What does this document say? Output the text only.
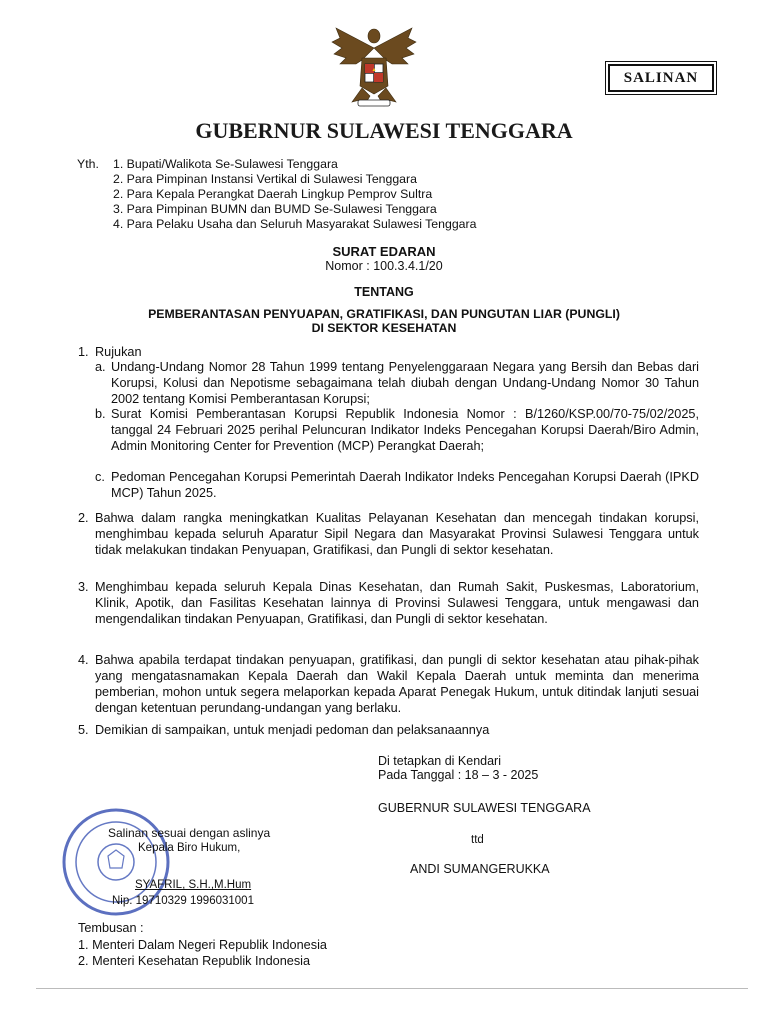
SALINAN
GUBERNUR SULAWESI TENGGARA
Yth. 1. Bupati/Walikota Se-Sulawesi Tenggara
2. Para Pimpinan Instansi Vertikal di Sulawesi Tenggara
2. Para Kepala Perangkat Daerah Lingkup Pemprov Sultra
3. Para Pimpinan BUMN dan BUMD Se-Sulawesi Tenggara
4. Para Pelaku Usaha dan Seluruh Masyarakat Sulawesi Tenggara
SURAT EDARAN
Nomor : 100.3.4.1/20
TENTANG
PEMBERANTASAN PENYUAPAN, GRATIFIKASI, DAN PUNGUTAN LIAR (PUNGLI)
DI SEKTOR KESEHATAN
1. Rujukan
a. Undang-Undang Nomor 28 Tahun 1999 tentang Penyelenggaraan Negara yang Bersih dan Bebas dari Korupsi, Kolusi dan Nepotisme sebagaimana telah diubah dengan Undang-Undang Nomor 30 Tahun 2002 tentang Komisi Pemberantasan Korupsi;
b. Surat Komisi Pemberantasan Korupsi Republik Indonesia Nomor : B/1260/KSP.00/70-75/02/2025, tanggal 24 Februari 2025 perihal Peluncuran Indikator Indeks Pencegahan Korupsi Daerah/Biro Admin, Admin Monitoring Center for Prevention (MCP) Perangkat Daerah;
c. Pedoman Pencegahan Korupsi Pemerintah Daerah Indikator Indeks Pencegahan Korupsi Daerah (IPKD MCP) Tahun 2025.
2. Bahwa dalam rangka meningkatkan Kualitas Pelayanan Kesehatan dan mencegah tindakan korupsi, menghimbau kepada seluruh Aparatur Sipil Negara dan Masyarakat Provinsi Sulawesi Tenggara untuk tidak melakukan tindakan Penyuapan, Gratifikasi, dan Pungli di sektor kesehatan.
3. Menghimbau kepada seluruh Kepala Dinas Kesehatan, dan Rumah Sakit, Puskesmas, Laboratorium, Klinik, Apotik, dan Fasilitas Kesehatan lainnya di Provinsi Sulawesi Tenggara, untuk mengawasi dan mengendalikan tindakan Penyuapan, Gratifikasi, dan Pungli di sektor kesehatan.
4. Bahwa apabila terdapat tindakan penyuapan, gratifikasi, dan pungli di sektor kesehatan atau pihak-pihak yang mengatasnamakan Kepala Daerah dan Wakil Kepala Daerah untuk meminta dan menerima pemberian, mohon untuk segera melaporkan kepada Aparat Penegak Hukum, untuk ditindak lanjuti sesuai dengan ketentuan perundang-undangan yang berlaku.
5. Demikian di sampaikan, untuk menjadi pedoman dan pelaksanaannya
Di tetapkan di Kendari
Pada Tanggal : 18 – 3 - 2025
GUBERNUR SULAWESI TENGGARA
ttd
ANDI SUMANGERUKKA
Salinan sesuai dengan aslinya
Kepala Biro Hukum,
SYAFRIL, S.H.,M.Hum
Nip. 19710329 1996031001
Tembusan :
1. Menteri Dalam Negeri Republik Indonesia
2. Menteri Kesehatan Republik Indonesia
